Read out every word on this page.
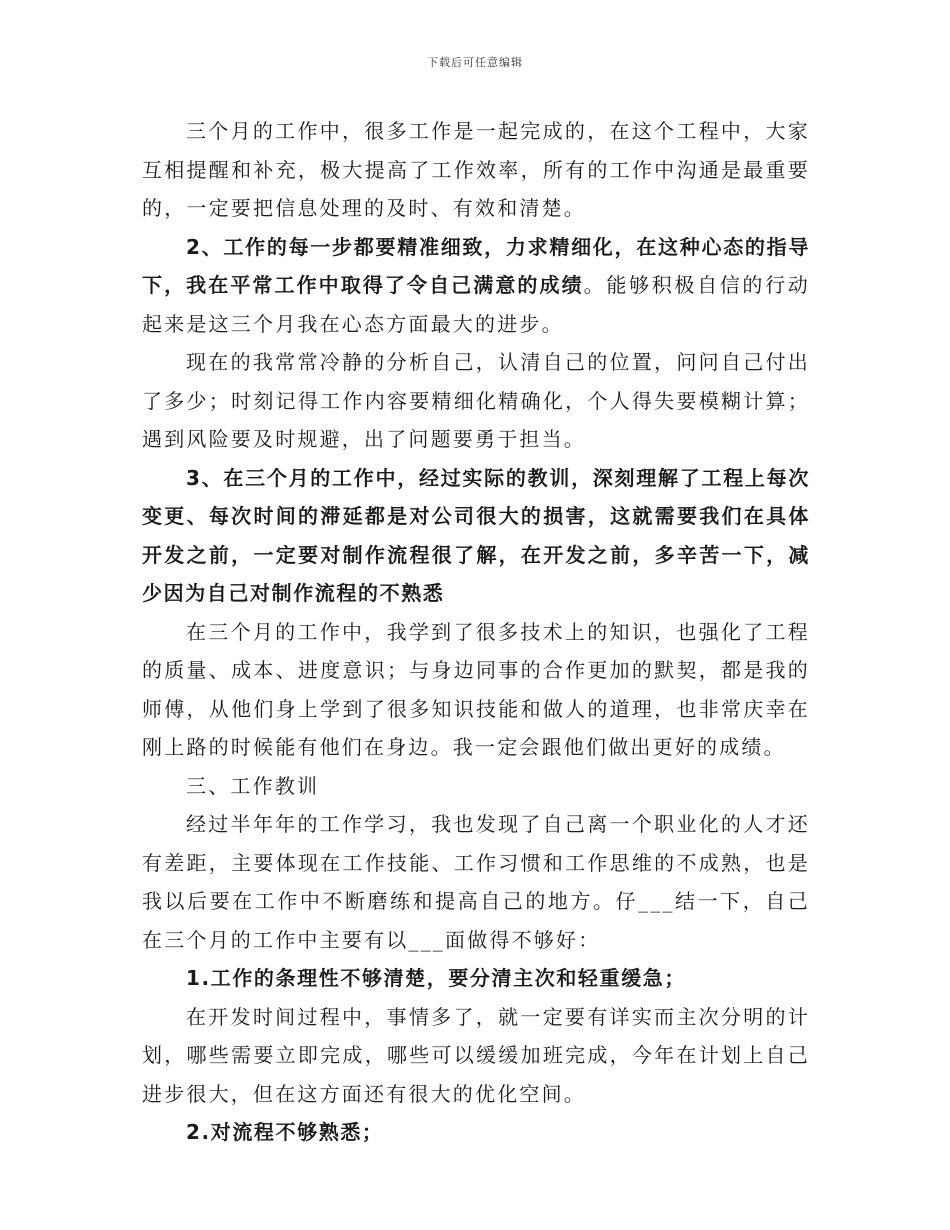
下载后可任意编辑

三个月的工作中，很多工作是一起完成的，在这个工程中，大家互相提醒和补充，极大提高了工作效率，所有的工作中沟通是最重要的，一定要把信息处理的及时、有效和清楚。

2、工作的每一步都要精准细致，力求精细化，在这种心态的指导下，我在平常工作中取得了令自己满意的成绩。能够积极自信的行动起来是这三个月我在心态方面最大的进步。

现在的我常常冷静的分析自己，认清自己的位置，问问自己付出了多少；时刻记得工作内容要精细化精确化，个人得失要模糊计算；遇到风险要及时规避，出了问题要勇于担当。

3、在三个月的工作中，经过实际的教训，深刻理解了工程上每次变更、每次时间的滞延都是对公司很大的损害，这就需要我们在具体开发之前，一定要对制作流程很了解，在开发之前，多辛苦一下，减少因为自己对制作流程的不熟悉

在三个月的工作中，我学到了很多技术上的知识，也强化了工程的质量、成本、进度意识；与身边同事的合作更加的默契，都是我的师傅，从他们身上学到了很多知识技能和做人的道理，也非常庆幸在刚上路的时候能有他们在身边。我一定会跟他们做出更好的成绩。

三、工作教训

经过半年年的工作学习，我也发现了自己离一个职业化的人才还有差距，主要体现在工作技能、工作习惯和工作思维的不成熟，也是我以后要在工作中不断磨练和提高自己的地方。仔___结一下，自己在三个月的工作中主要有以___面做得不够好：

1.工作的条理性不够清楚，要分清主次和轻重缓急；

在开发时间过程中，事情多了，就一定要有详实而主次分明的计划，哪些需要立即完成，哪些可以缓缓加班完成，今年在计划上自己进步很大，但在这方面还有很大的优化空间。

2.对流程不够熟悉；
